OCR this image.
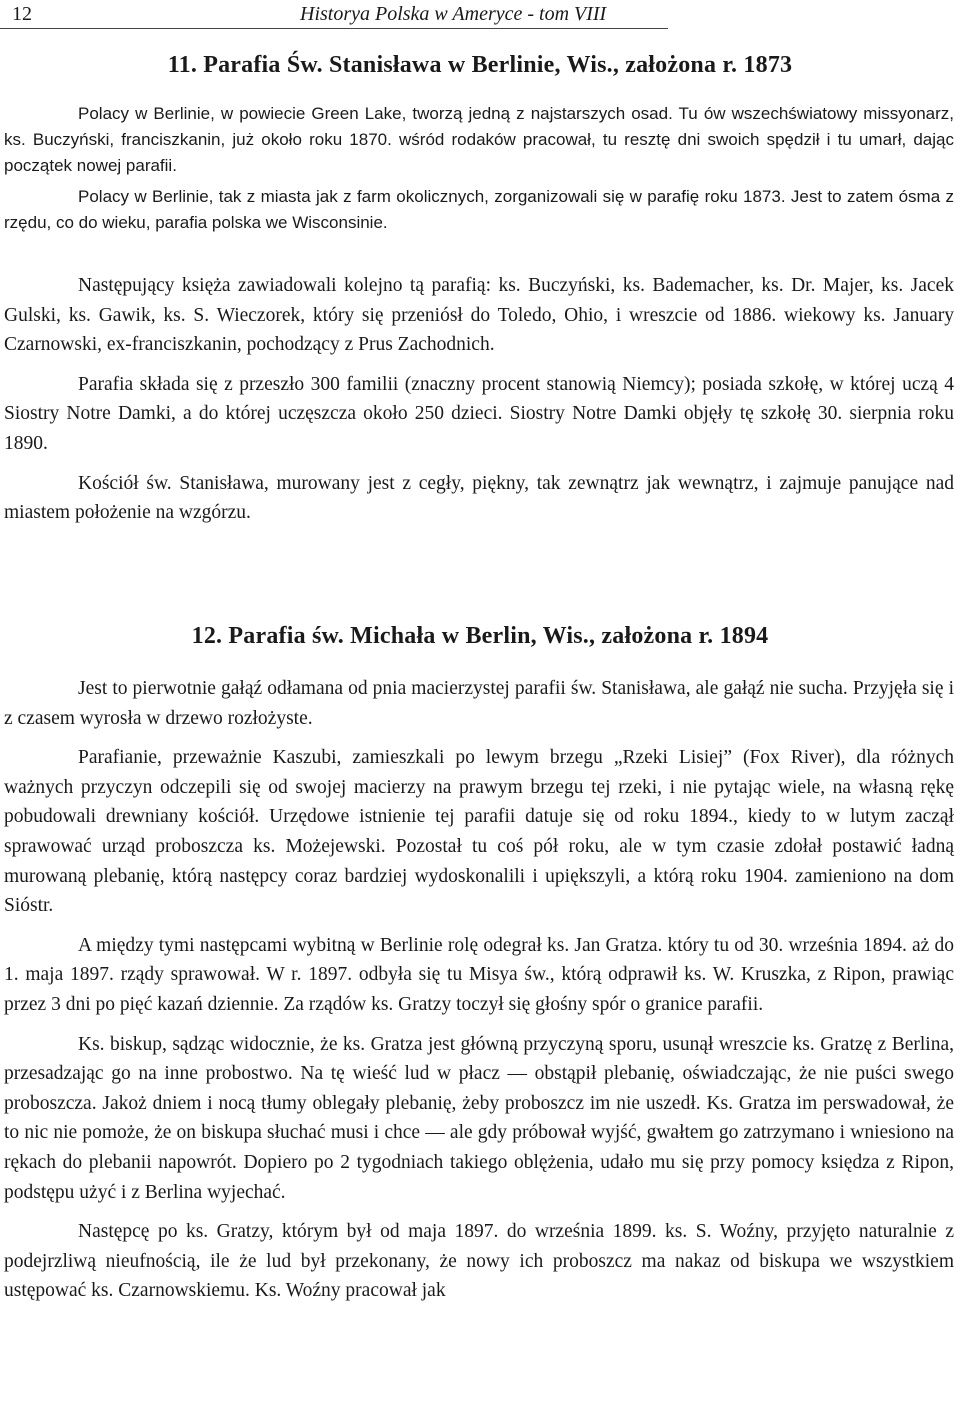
12	Historya Polska w Ameryce - tom VIII
11. Parafia Św. Stanisława w Berlinie, Wis., założona r. 1873

Polacy w Berlinie, w powiecie Green Lake, tworzą jedną z najstarszych osad. Tu ów wszechświatowy missyonarz, ks. Buczyński, franciszkanin, już około roku 1870. wśród rodaków pracował, tu resztę dni swoich spędził i tu umarł, dając początek nowej parafii.

Polacy w Berlinie, tak z miasta jak z farm okolicznych, zorganizowali się w parafię roku 1873. Jest to zatem ósma z rzędu, co do wieku, parafia polska we Wisconsinie.

Następujący księża zawiadowali kolejno tą parafią: ks. Buczyński, ks. Bademacher, ks. Dr. Majer, ks. Jacek Gulski, ks. Gawik, ks. S. Wieczorek, który się przeniósł do Toledo, Ohio, i wreszcie od 1886. wiekowy ks. January Czarnowski, ex-franciszkanin, pochodzący z Prus Zachodnich.

Parafia składa się z przeszło 300 familii (znaczny procent stanowią Niemcy); posiada szkołę, w której uczą 4 Siostry Notre Damki, a do której uczęszcza około 250 dzieci. Siostry Notre Damki objęły tę szkołę 30. sierpnia roku 1890.

Kościół św. Stanisława, murowany jest z cegły, piękny, tak zewnątrz jak wewnątrz, i zajmuje panujące nad miastem położenie na wzgórzu.

12. Parafia św. Michała w Berlin, Wis., założona r. 1894

Jest to pierwotnie gałąź odłamana od pnia macierzystej parafii św. Stanisława, ale gałąź nie sucha. Przyjęła się i z czasem wyrosła w drzewo rozłożyste.

Parafianie, przeważnie Kaszubi, zamieszkali po lewym brzegu „Rzeki Lisiej” (Fox River), dla różnych ważnych przyczyn odczepili się od swojej macierzy na prawym brzegu tej rzeki, i nie pytając wiele, na własną rękę pobudowali drewniany kościół. Urzędowe istnienie tej parafii datuje się od roku 1894., kiedy to w lutym zaczął sprawować urząd proboszcza ks. Możejewski. Pozostał tu coś pół roku, ale w tym czasie zdołał postawić ładną murowaną plebanię, którą następcy coraz bardziej wydoskonalili i upiększyli, a którą roku 1904. zamieniono na dom Sióstr.

A między tymi następcami wybitną w Berlinie rolę odegrał ks. Jan Gratza. który tu od 30. września 1894. aż do 1. maja 1897. rządy sprawował. W r. 1897. odbyła się tu Misya św., którą odprawił ks. W. Kruszka, z Ripon, prawiąc przez 3 dni po pięć kazań dziennie. Za rządów ks. Gratzy toczył się głośny spór o granice parafii.

Ks. biskup, sądząc widocznie, że ks. Gratza jest główną przyczyną sporu, usunął wreszcie ks. Gratzę z Berlina, przesadzając go na inne probostwo. Na tę wieść lud w płacz — obstąpił plebanię, oświadczając, że nie puści swego proboszcza. Jakoż dniem i nocą tłumy oblegały plebanię, żeby proboszcz im nie uszedł. Ks. Gratza im perswadował, że to nic nie pomoże, że on biskupa słuchać musi i chce — ale gdy próbował wyjść, gwałtem go zatrzymano i wniesiono na rękach do plebanii napowrót. Dopiero po 2 tygodniach takiego oblężenia, udało mu się przy pomocy księdza z Ripon, podstępu użyć i z Berlina wyjechać.

Następcę po ks. Gratzy, którym był od maja 1897. do września 1899. ks. S. Woźny, przyjęto naturalnie z podejrzliwą nieufnością, ile że lud był przekonany, że nowy ich proboszcz ma nakaz od biskupa we wszystkiem ustępować ks. Czarnowskiemu. Ks. Woźny pracował jak
